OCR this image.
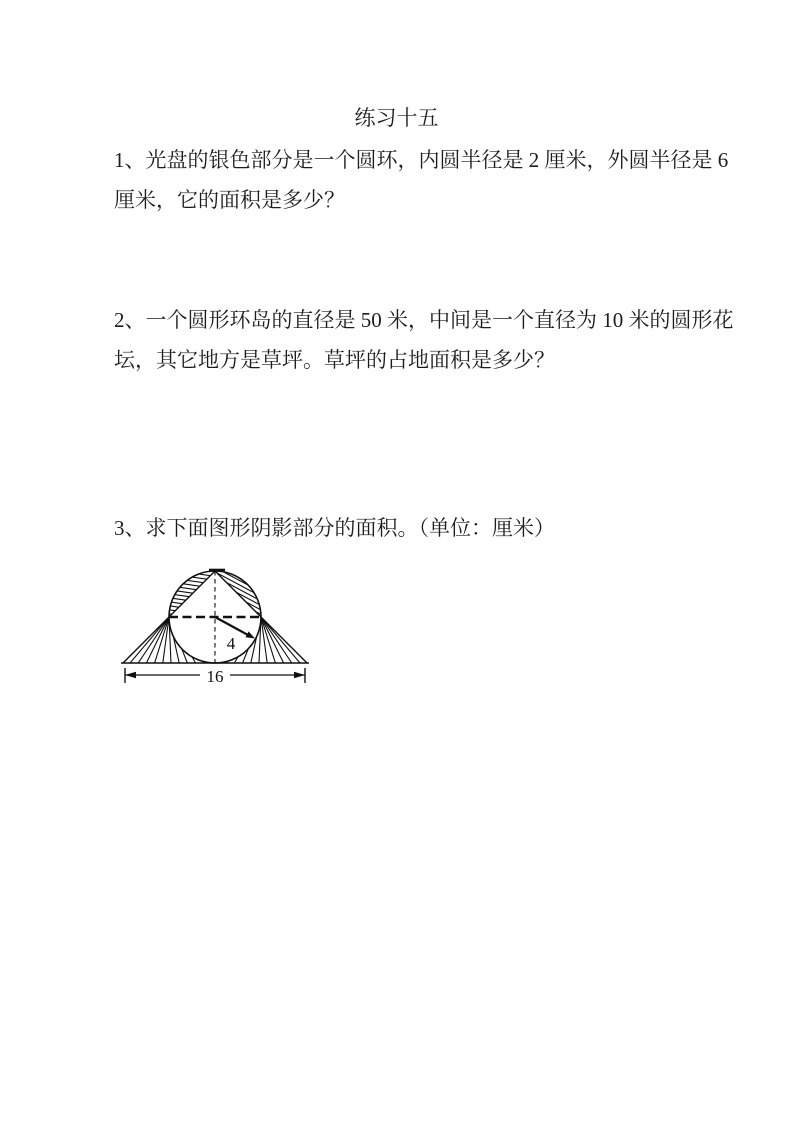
练习十五
1、光盘的银色部分是一个圆环，内圆半径是 2 厘米，外圆半径是 6
厘米，它的面积是多少？
2、一个圆形环岛的直径是 50 米，中间是一个直径为 10 米的圆形花
坛，其它地方是草坪。草坪的占地面积是多少？
3、求下面图形阴影部分的面积。（单位：厘米）
4
16
